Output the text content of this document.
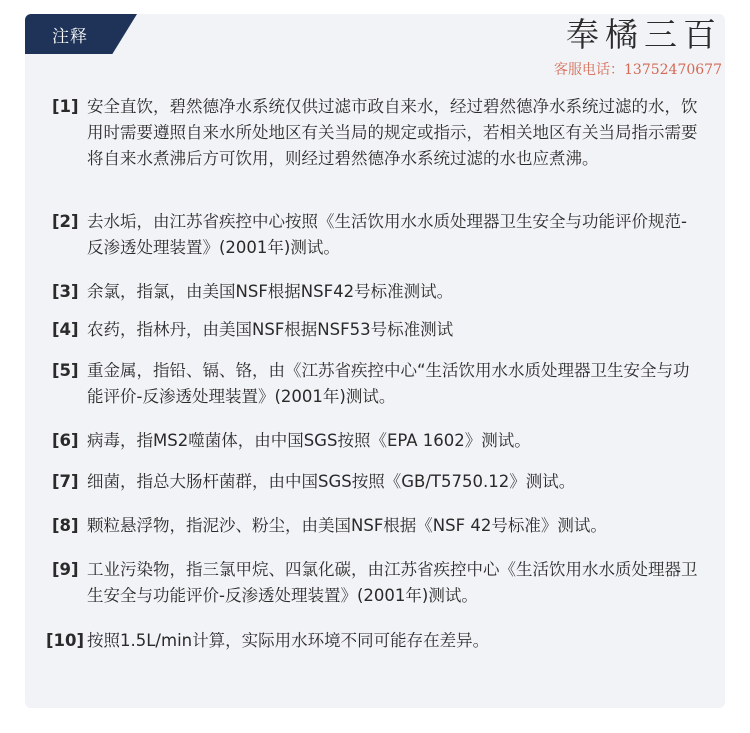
注释	奉橘三百
客服电话：13752470677
[1] 安全直饮，碧然德净水系统仅供过滤市政自来水，经过碧然德净水系统过滤的水，饮用时需要遵照自来水所处地区有关当局的规定或指示，若相关地区有关当局指示需要将自来水煮沸后方可饮用，则经过碧然德净水系统过滤的水也应煮沸。
[2] 去水垢，由江苏省疾控中心按照《生活饮用水水质处理器卫生安全与功能评价规范-反渗透处理装置》(2001年)测试。
[3] 余氯，指氯，由美国NSF根据NSF42号标准测试。
[4] 农药，指林丹，由美国NSF根据NSF53号标准测试
[5] 重金属，指铅、镉、铬，由《江苏省疾控中心“生活饮用水水质处理器卫生安全与功能评价-反渗透处理装置》(2001年)测试。
[6] 病毒，指MS2噬菌体，由中国SGS按照《EPA 1602》测试。
[7] 细菌，指总大肠杆菌群，由中国SGS按照《GB/T5750.12》测试。
[8] 颗粒悬浮物，指泥沙、粉尘，由美国NSF根据《NSF 42号标准》测试。
[9] 工业污染物，指三氯甲烷、四氯化碳，由江苏省疾控中心《生活饮用水水质处理器卫生安全与功能评价-反渗透处理装置》(2001年)测试。
[10] 按照1.5L/min计算，实际用水环境不同可能存在差异。
